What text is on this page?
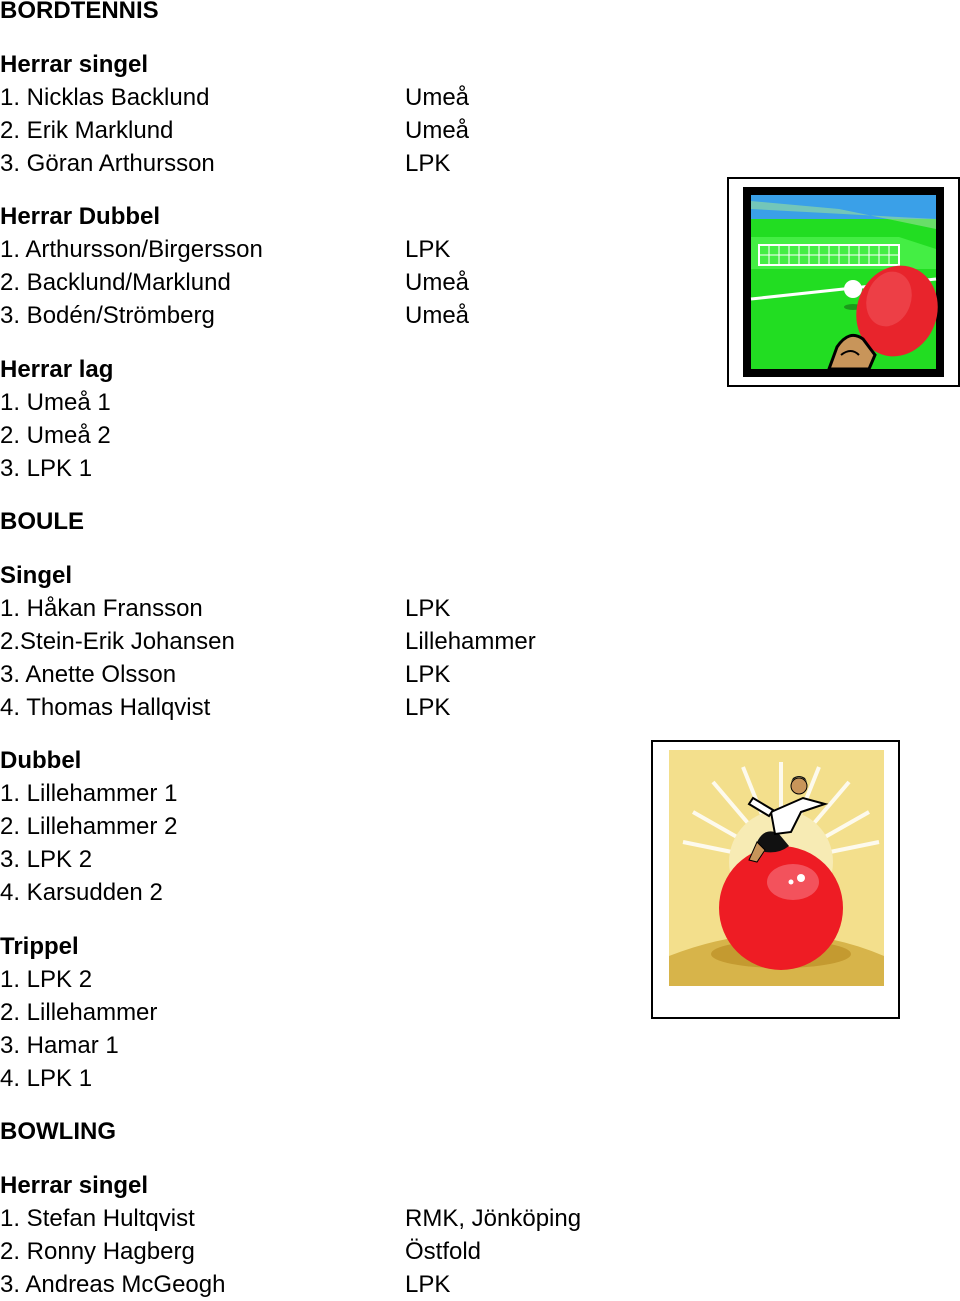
BORDTENNIS
Herrar singel
1. Nicklas Backlund	Umeå
2. Erik Marklund	Umeå
3. Göran Arthursson	LPK
Herrar Dubbel
1. Arthursson/Birgersson	LPK
2. Backlund/Marklund	Umeå
3. Bodén/Strömberg	Umeå
Herrar lag
1. Umeå 1
2. Umeå 2
3. LPK 1
BOULE
Singel
1. Håkan Fransson	LPK
2.Stein-Erik Johansen	Lillehammer
3. Anette Olsson	LPK
4. Thomas Hallqvist	LPK
Dubbel
1. Lillehammer 1
2. Lillehammer 2
3. LPK 2
4. Karsudden 2
Trippel
1. LPK 2
2. Lillehammer
3. Hamar 1
4. LPK 1
BOWLING
Herrar singel
1. Stefan Hultqvist	RMK, Jönköping
2. Ronny Hagberg	Östfold
3. Andreas McGeogh	LPK
